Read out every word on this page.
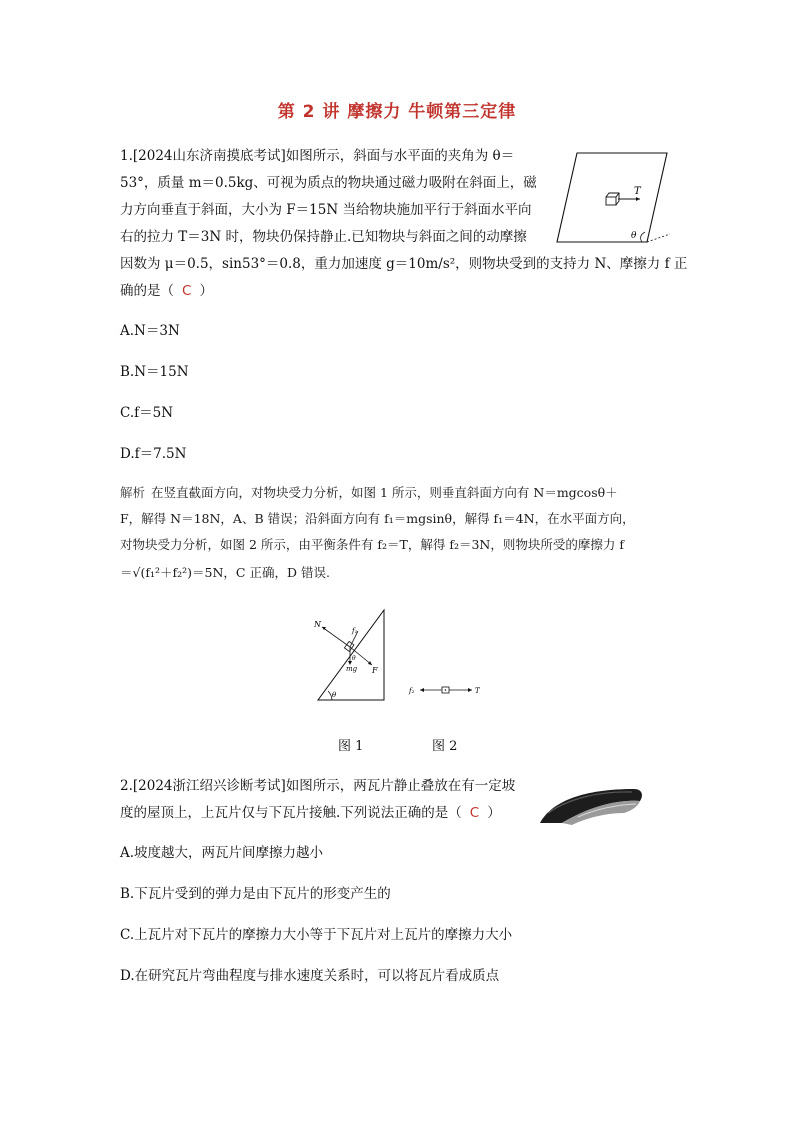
第 2 讲 摩擦力 牛顿第三定律
1.[2024山东济南摸底考试]如图所示，斜面与水平面的夹角为 θ＝
53°，质量 m＝0.5kg、可视为质点的物块通过磁力吸附在斜面上，磁
力方向垂直于斜面，大小为 F＝15N 当给物块施加平行于斜面水平向
右的拉力 T＝3N 时，物块仍保持静止.已知物块与斜面之间的动摩擦
因数为 μ＝0.5，sin53°＝0.8，重力加速度 g＝10m/s²，则物块受到的支持力 N、摩擦力 f 正
确的是（ C ）
T
θ
A.N＝3N
B.N＝15N
C.f＝5N
D.f＝7.5N
解析 在竖直截面方向，对物块受力分析，如图 1 所示，则垂直斜面方向有 N＝mgcosθ＋
F，解得 N＝18N，A、B 错误；沿斜面方向有 f₁＝mgsinθ，解得 f₁＝4N，在水平面方向，
对物块受力分析，如图 2 所示，由平衡条件有 f₂＝T，解得 f₂＝3N，则物块所受的摩擦力 f
＝√(f₁²＋f₂²)＝5N，C 正确，D 错误.
θ
N
f₁
mg
θ
F
f₂	T
图 1	图 2
2.[2024浙江绍兴诊断考试]如图所示，两瓦片静止叠放在有一定坡
度的屋顶上，上瓦片仅与下瓦片接触.下列说法正确的是（ C ）
A.坡度越大，两瓦片间摩擦力越小
B.下瓦片受到的弹力是由下瓦片的形变产生的
C.上瓦片对下瓦片的摩擦力大小等于下瓦片对上瓦片的摩擦力大小
D.在研究瓦片弯曲程度与排水速度关系时，可以将瓦片看成质点
